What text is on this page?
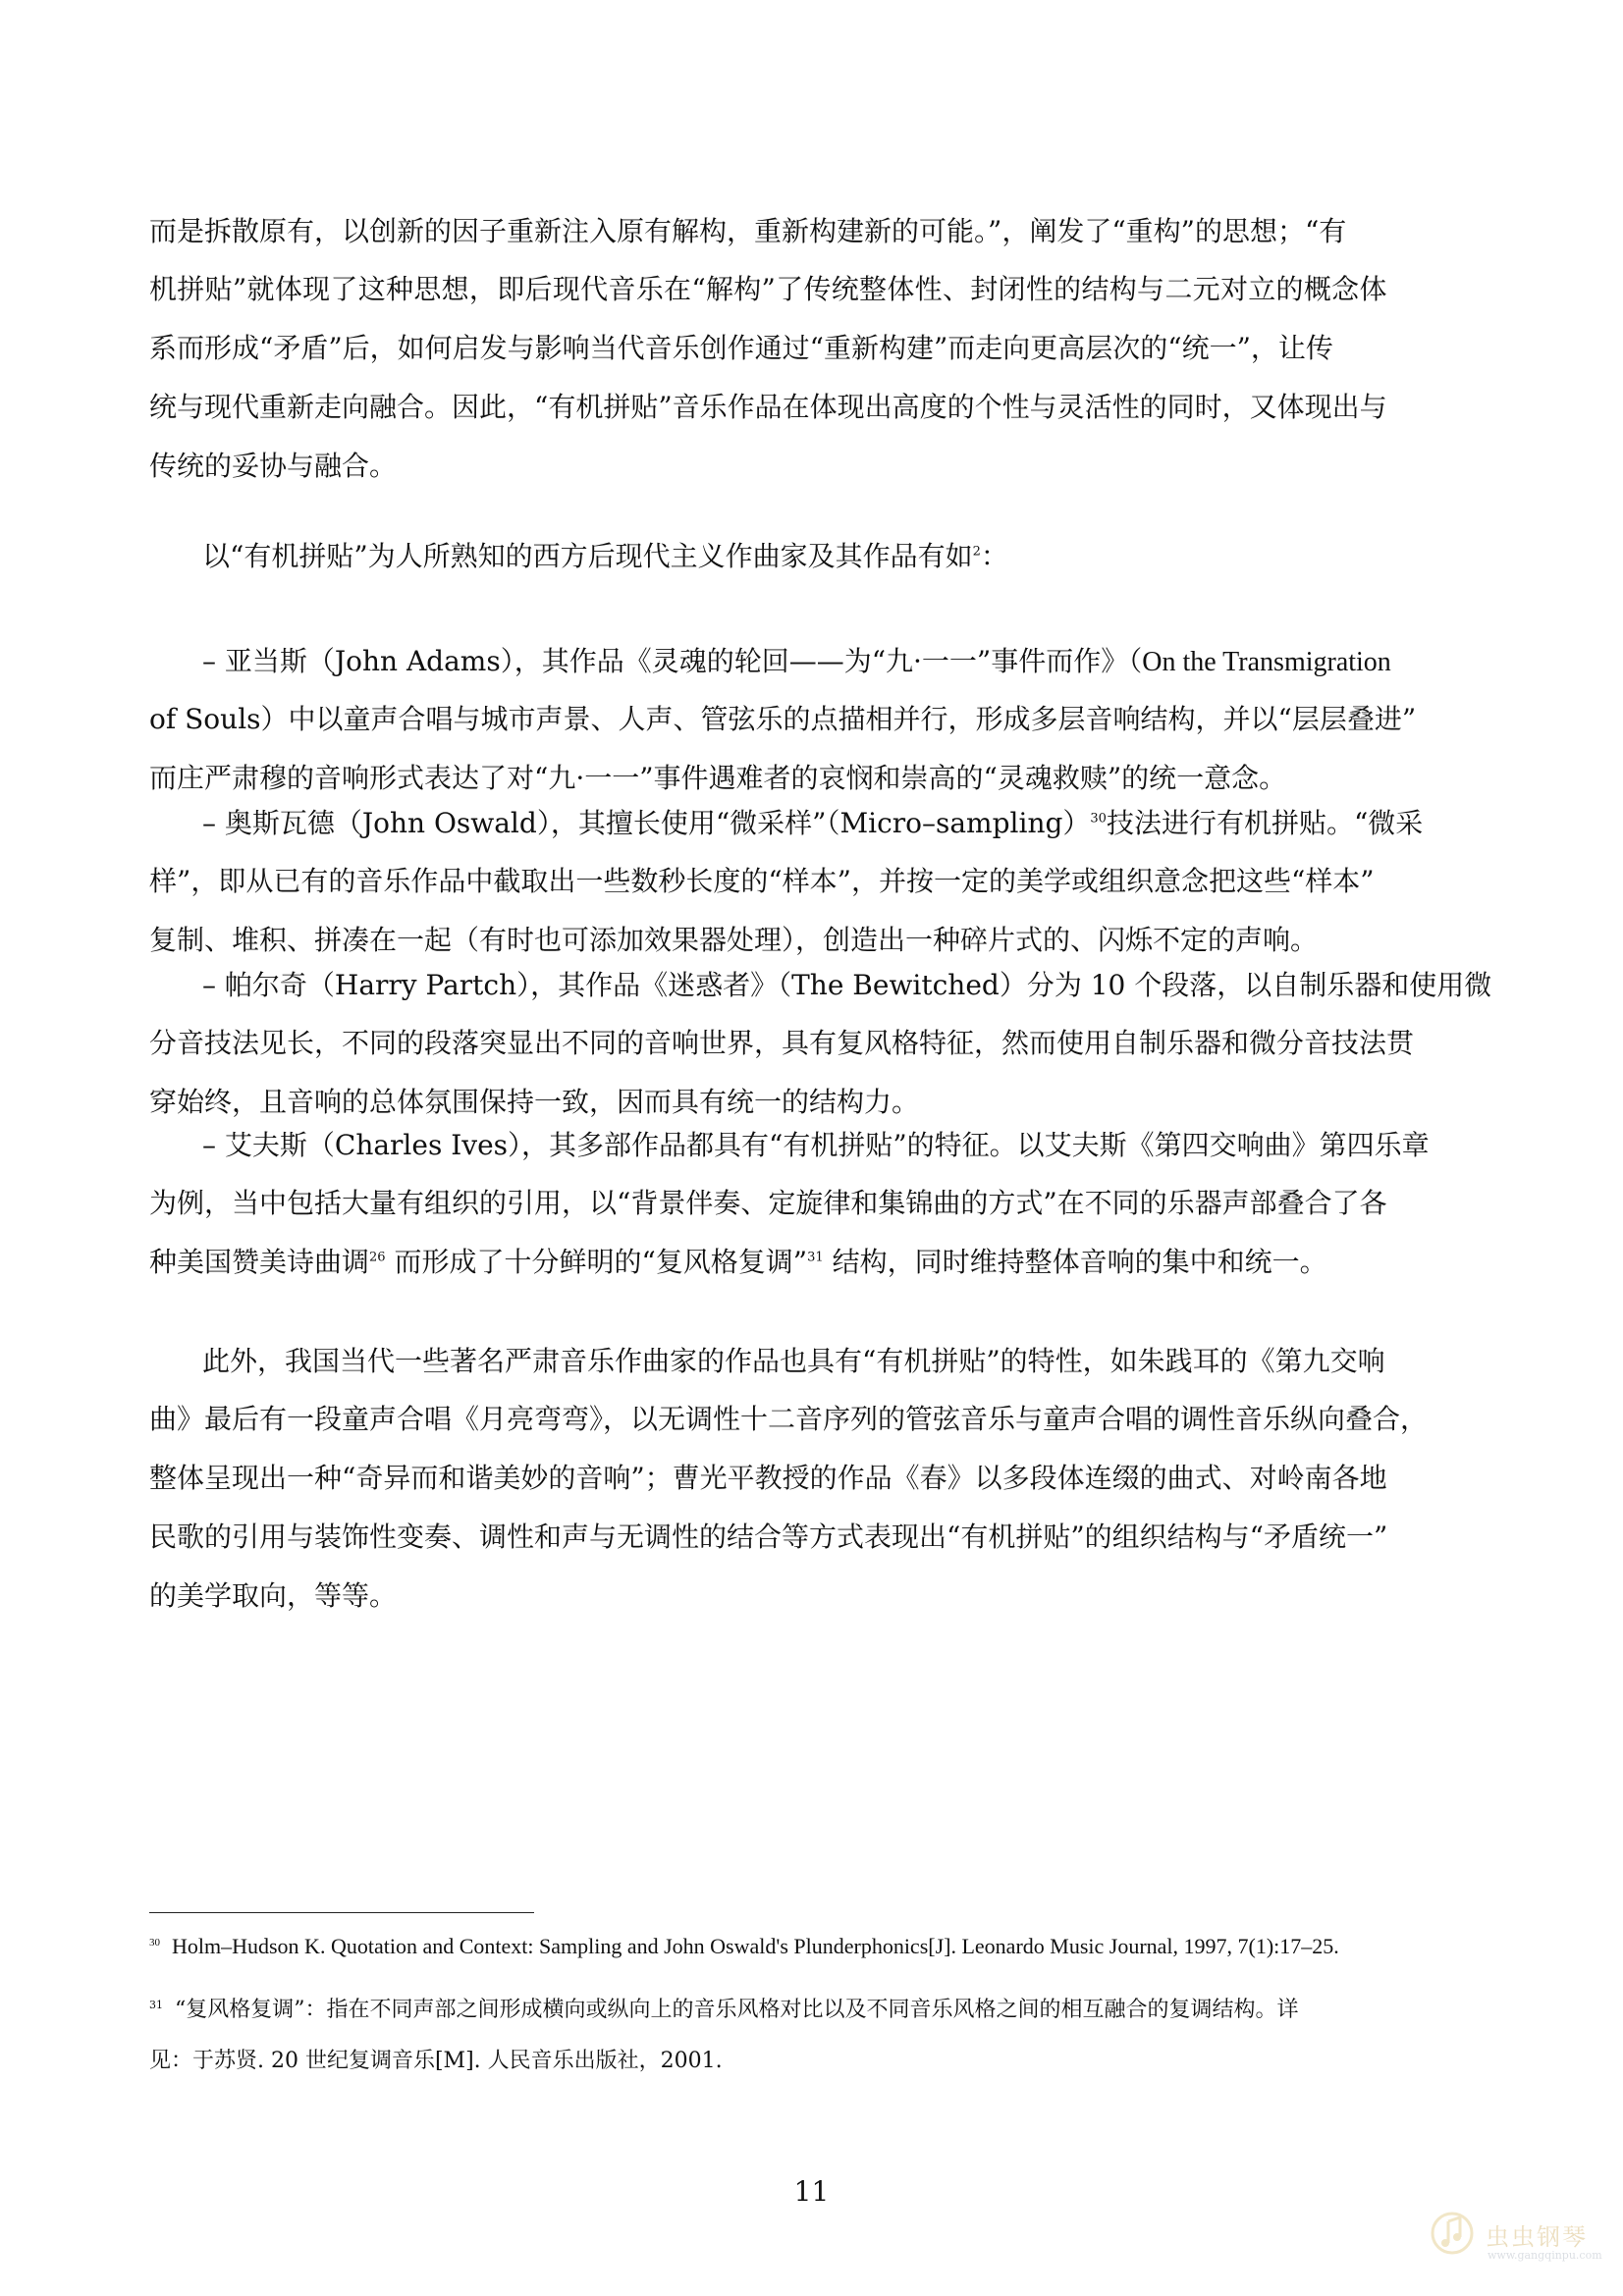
而是拆散原有，以创新的因子重新注入原有解构，重新构建新的可能。”，阐发了“重构”的思想；“有
机拼贴”就体现了这种思想，即后现代音乐在“解构”了传统整体性、封闭性的结构与二元对立的概念体
系而形成“矛盾”后，如何启发与影响当代音乐创作通过“重新构建”而走向更高层次的“统一”，让传
统与现代重新走向融合。因此，“有机拼贴”音乐作品在体现出高度的个性与灵活性的同时，又体现出与
传统的妥协与融合。
以“有机拼贴”为人所熟知的西方后现代主义作曲家及其作品有如$^2$：
– 亚当斯（John Adams），其作品《灵魂的轮回——为“九·一一”事件而作》（On the Transmigration
of Souls）中以童声合唱与城市声景、人声、管弦乐的点描相并行，形成多层音响结构，并以“层层叠进”
而庄严肃穆的音响形式表达了对“九·一一”事件遇难者的哀悯和崇高的“灵魂救赎”的统一意念。
– 奥斯瓦德（John Oswald），其擅长使用“微采样”（Micro–sampling）$^{30}$技法进行有机拼贴。“微采
样”，即从已有的音乐作品中截取出一些数秒长度的“样本”，并按一定的美学或组织意念把这些“样本”
复制、堆积、拼凑在一起（有时也可添加效果器处理），创造出一种碎片式的、闪烁不定的声响。
– 帕尔奇（Harry Partch），其作品《迷惑者》（The Bewitched）分为 10 个段落，以自制乐器和使用微
分音技法见长，不同的段落突显出不同的音响世界，具有复风格特征，然而使用自制乐器和微分音技法贯
穿始终，且音响的总体氛围保持一致，因而具有统一的结构力。
– 艾夫斯（Charles Ives），其多部作品都具有“有机拼贴”的特征。以艾夫斯《第四交响曲》第四乐章
为例，当中包括大量有组织的引用，以“背景伴奏、定旋律和集锦曲的方式”在不同的乐器声部叠合了各
种美国赞美诗曲调$^{26}$ 而形成了十分鲜明的“复风格复调”$^{31}$ 结构，同时维持整体音响的集中和统一。
此外，我国当代一些著名严肃音乐作曲家的作品也具有“有机拼贴”的特性，如朱践耳的《第九交响
曲》最后有一段童声合唱《月亮弯弯》，以无调性十二音序列的管弦音乐与童声合唱的调性音乐纵向叠合，
整体呈现出一种“奇异而和谐美妙的音响”；曹光平教授的作品《春》以多段体连缀的曲式、对岭南各地
民歌的引用与装饰性变奏、调性和声与无调性的结合等方式表现出“有机拼贴”的组织结构与“矛盾统一”
的美学取向，等等。
$^{30}$ Holm–Hudson K. Quotation and Context: Sampling and John Oswald's Plunderphonics[J]. Leonardo Music Journal, 1997, 7(1):17–25.
$^{31}$ “复风格复调”：指在不同声部之间形成横向或纵向上的音乐风格对比以及不同音乐风格之间的相互融合的复调结构。详
见：于苏贤. 20 世纪复调音乐[M]. 人民音乐出版社，2001.
11
虫虫钢琴
www.gangqinpu.com
